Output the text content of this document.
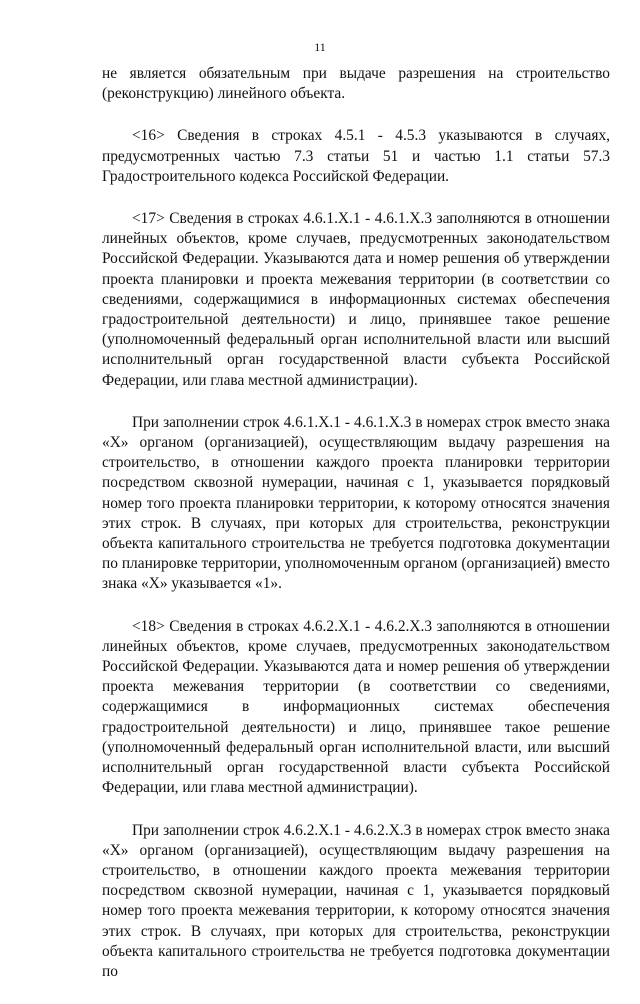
11

не является обязательным при выдаче разрешения на строительство (реконструкцию) линейного объекта.

<16> Сведения в строках 4.5.1 - 4.5.3 указываются в случаях, предусмотренных частью 7.3 статьи 51 и частью 1.1 статьи 57.3 Градостроительного кодекса Российской Федерации.

<17> Сведения в строках 4.6.1.Х.1 - 4.6.1.Х.3 заполняются в отношении линейных объектов, кроме случаев, предусмотренных законодательством Российской Федерации. Указываются дата и номер решения об утверждении проекта планировки и проекта межевания территории (в соответствии со сведениями, содержащимися в информационных системах обеспечения градостроительной деятельности) и лицо, принявшее такое решение (уполномоченный федеральный орган исполнительной власти или высший исполнительный орган государственной власти субъекта Российской Федерации, или глава местной администрации).

При заполнении строк 4.6.1.Х.1 - 4.6.1.Х.3 в номерах строк вместо знака «Х» органом (организацией), осуществляющим выдачу разрешения на строительство, в отношении каждого проекта планировки территории посредством сквозной нумерации, начиная с 1, указывается порядковый номер того проекта планировки территории, к которому относятся значения этих строк. В случаях, при которых для строительства, реконструкции объекта капитального строительства не требуется подготовка документации по планировке территории, уполномоченным органом (организацией) вместо знака «Х» указывается «1».

<18> Сведения в строках 4.6.2.Х.1 - 4.6.2.Х.3 заполняются в отношении линейных объектов, кроме случаев, предусмотренных законодательством Российской Федерации. Указываются дата и номер решения об утверждении проекта межевания территории (в соответствии со сведениями, содержащимися в информационных системах обеспечения градостроительной деятельности) и лицо, принявшее такое решение (уполномоченный федеральный орган исполнительной власти, или высший исполнительный орган государственной власти субъекта Российской Федерации, или глава местной администрации).

При заполнении строк 4.6.2.Х.1 - 4.6.2.Х.3 в номерах строк вместо знака «Х» органом (организацией), осуществляющим выдачу разрешения на строительство, в отношении каждого проекта межевания территории посредством сквозной нумерации, начиная с 1, указывается порядковый номер того проекта межевания территории, к которому относятся значения этих строк. В случаях, при которых для строительства, реконструкции объекта капитального строительства не требуется подготовка документации по
